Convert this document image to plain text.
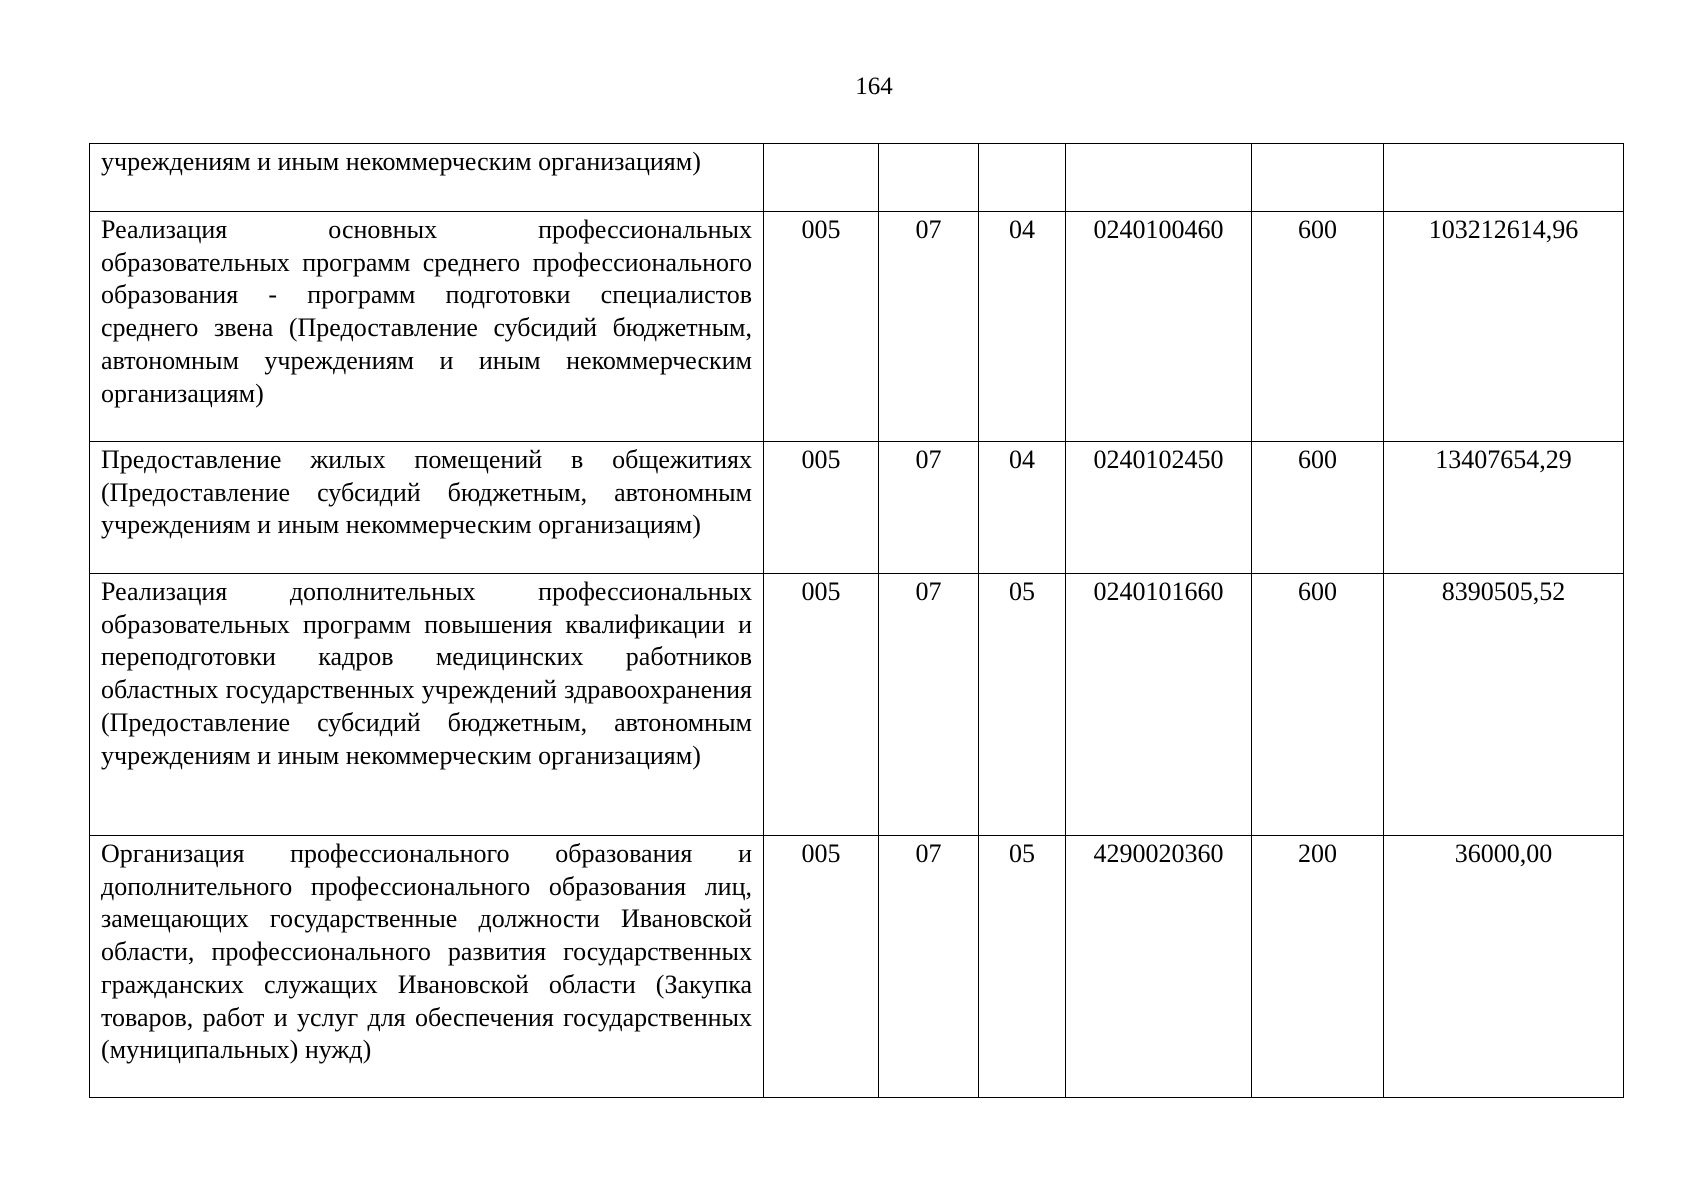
164
учреждениям и иным некоммерческим организациям)						
Реализация основных профессиональных образовательных программ среднего профессионального образования - программ подготовки специалистов среднего звена (Предоставление субсидий бюджетным, автономным учреждениям и иным некоммерческим организациям)	005	07	04	0240100460	600	103212614,96
Предоставление жилых помещений в общежитиях (Предоставление субсидий бюджетным, автономным учреждениям и иным некоммерческим организациям)	005	07	04	0240102450	600	13407654,29
Реализация дополнительных профессиональных образовательных программ повышения квалификации и переподготовки кадров медицинских работников областных государственных учреждений здравоохранения (Предоставление субсидий бюджетным, автономным учреждениям и иным некоммерческим организациям)	005	07	05	0240101660	600	8390505,52
Организация профессионального образования и дополнительного профессионального образования лиц, замещающих государственные должности Ивановской области, профессионального развития государственных гражданских служащих Ивановской области (Закупка товаров, работ и услуг для обеспечения государственных (муниципальных) нужд)	005	07	05	4290020360	200	36000,00
